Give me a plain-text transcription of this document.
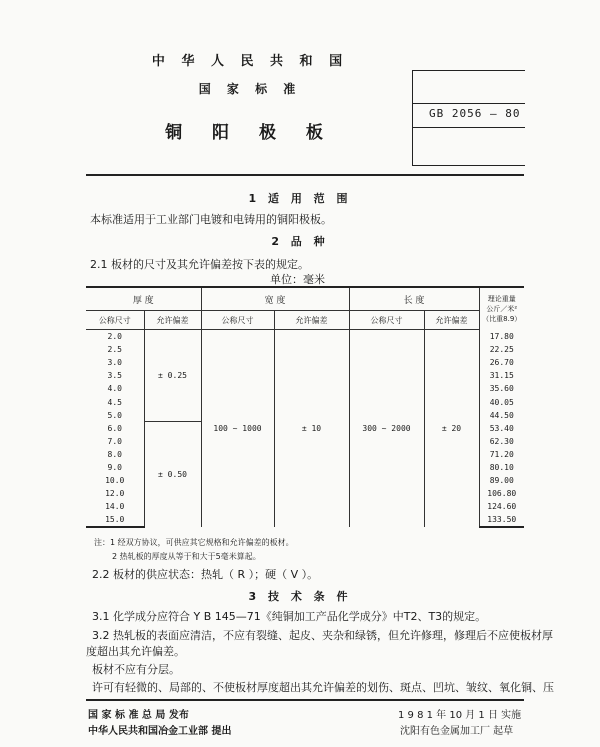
中 华 人 民 共 和 国
国 家 标 准
铜 阳 极 板
GB 2056 — 80
1 适 用 范 围
本标准适用于工业部门电镀和电铸用的铜阳极板。
2 品 种
2.1 板材的尺寸及其允许偏差按下表的规定。
单位：毫米
厚 度		宽 度		长 度		理论重量
公斤／米²
（比重8.9）
公称尺寸	允许偏差	公称尺寸	允许偏差	公称尺寸	允许偏差	
2.0	± 0.25	100 ~ 1000	± 10	300 ~ 2000	± 20	17.80
2.5						22.25
3.0						26.70
3.5						31.15
4.0						35.60
4.5						40.05
5.0						44.50
6.0	± 0.50					53.40
7.0						62.30
8.0						71.20
9.0						80.10
10.0						89.00
12.0						106.80
14.0						124.60
15.0						133.50
注：1 经双方协议，可供应其它规格和允许偏差的板材。
2 热轧板的厚度从等于和大于5毫米算起。
2.2 板材的供应状态：热轧（ R ）；硬（ V ）。
3 技 术 条 件
3.1 化学成分应符合 Y B 145—71《纯铜加工产品化学成分》中T2、T3的规定。
3.2 热轧板的表面应清洁，不应有裂缝、起皮、夹杂和绿锈，但允许修理，修理后不应使板材厚
度超出其允许偏差。
板材不应有分层。
许可有轻微的、局部的、不使板材厚度超出其允许偏差的划伤、斑点、凹坑、皱纹、氧化铜、压
国 家 标 准 总 局 发布
中华人民共和国冶金工业部 提出
1 9 8 1 年 10 月 1 日 实施
沈阳有色金属加工厂 起草
